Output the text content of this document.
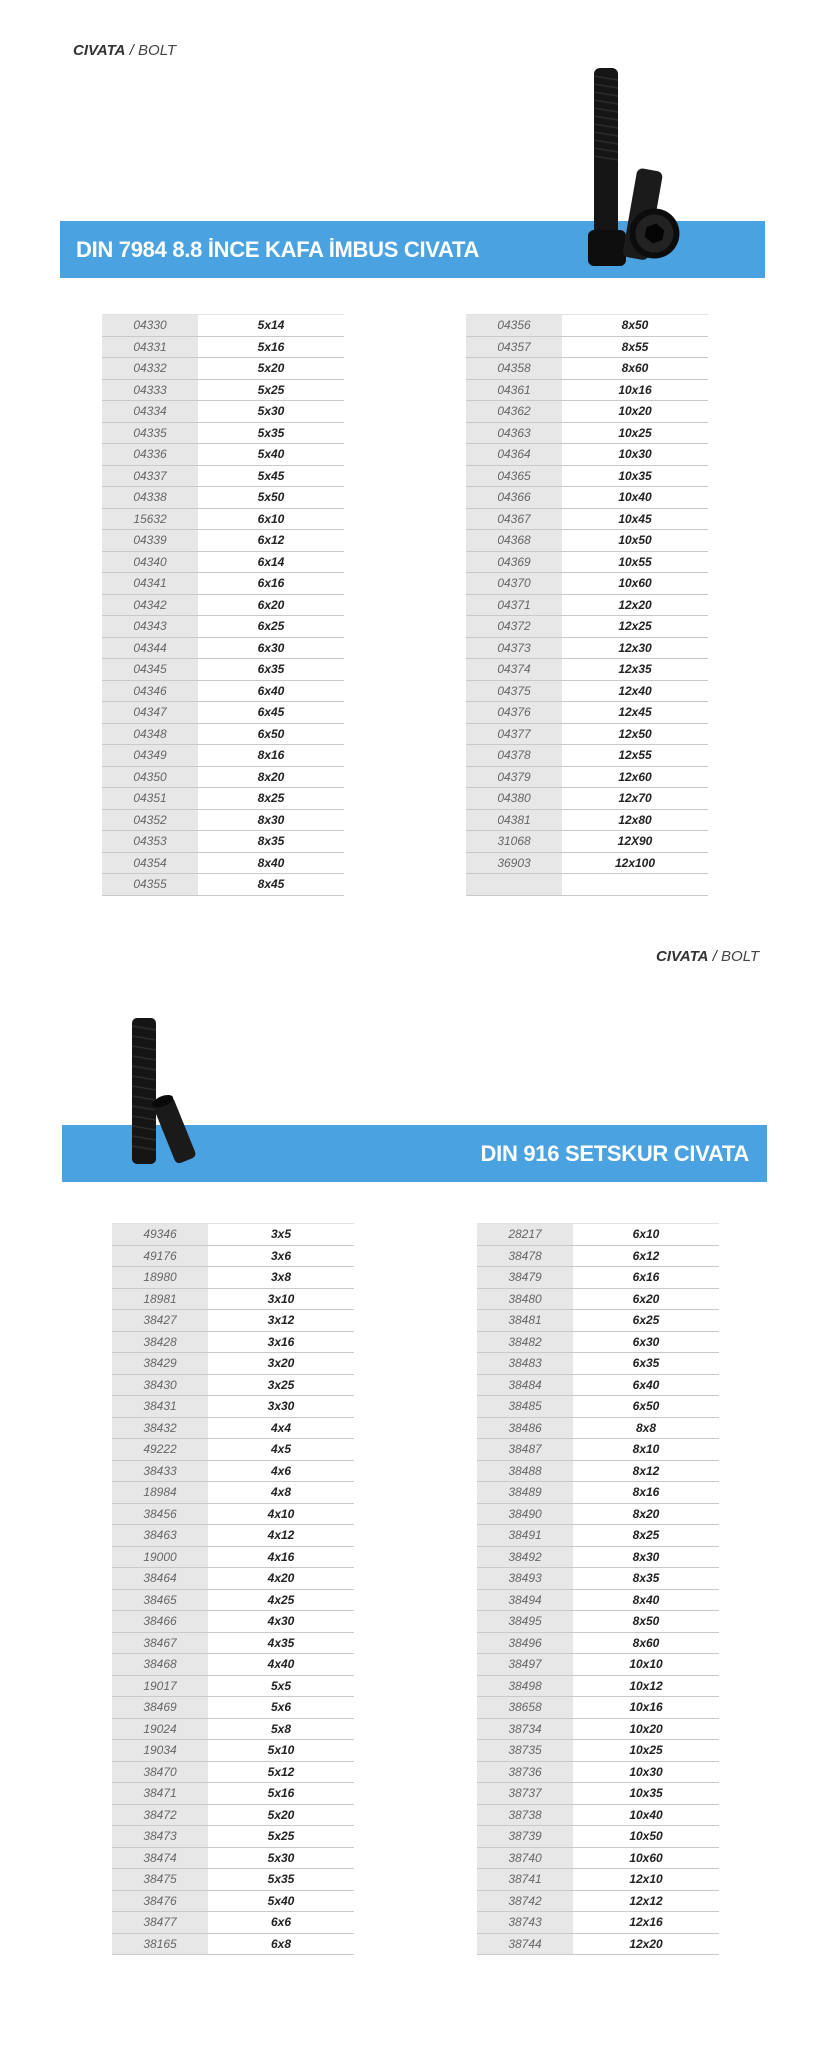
CIVATA / BOLT
DIN 7984 8.8 İNCE KAFA İMBUS CIVATA
04330	5x14
04331	5x16
04332	5x20
04333	5x25
04334	5x30
04335	5x35
04336	5x40
04337	5x45
04338	5x50
15632	6x10
04339	6x12
04340	6x14
04341	6x16
04342	6x20
04343	6x25
04344	6x30
04345	6x35
04346	6x40
04347	6x45
04348	6x50
04349	8x16
04350	8x20
04351	8x25
04352	8x30
04353	8x35
04354	8x40
04355	8x45
04356	8x50
04357	8x55
04358	8x60
04361	10x16
04362	10x20
04363	10x25
04364	10x30
04365	10x35
04366	10x40
04367	10x45
04368	10x50
04369	10x55
04370	10x60
04371	12x20
04372	12x25
04373	12x30
04374	12x35
04375	12x40
04376	12x45
04377	12x50
04378	12x55
04379	12x60
04380	12x70
04381	12x80
31068	12X90
36903	12x100

CIVATA / BOLT
DIN 916 SETSKUR CIVATA
49346	3x5
49176	3x6
18980	3x8
18981	3x10
38427	3x12
38428	3x16
38429	3x20
38430	3x25
38431	3x30
38432	4x4
49222	4x5
38433	4x6
18984	4x8
38456	4x10
38463	4x12
19000	4x16
38464	4x20
38465	4x25
38466	4x30
38467	4x35
38468	4x40
19017	5x5
38469	5x6
19024	5x8
19034	5x10
38470	5x12
38471	5x16
38472	5x20
38473	5x25
38474	5x30
38475	5x35
38476	5x40
38477	6x6
38165	6x8
28217	6x10
38478	6x12
38479	6x16
38480	6x20
38481	6x25
38482	6x30
38483	6x35
38484	6x40
38485	6x50
38486	8x8
38487	8x10
38488	8x12
38489	8x16
38490	8x20
38491	8x25
38492	8x30
38493	8x35
38494	8x40
38495	8x50
38496	8x60
38497	10x10
38498	10x12
38658	10x16
38734	10x20
38735	10x25
38736	10x30
38737	10x35
38738	10x40
38739	10x50
38740	10x60
38741	12x10
38742	12x12
38743	12x16
38744	12x20
